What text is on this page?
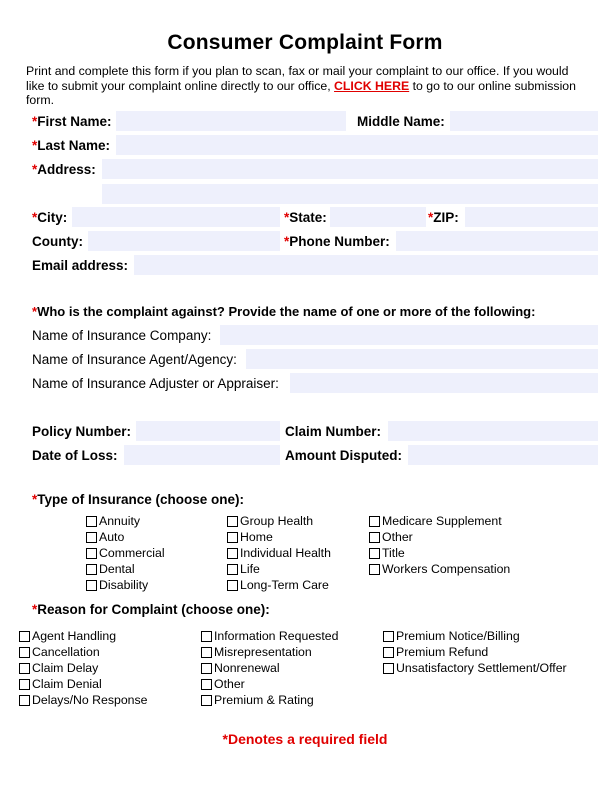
Consumer Complaint Form
Print and complete this form if you plan to scan, fax or mail your complaint to our office. If you would like to submit your complaint online directly to our office, CLICK HERE to go to our online submission form.
*First Name:	Middle Name:
*Last Name:
*Address:
*City:	*State:	*ZIP:
County:	*Phone Number:
Email address:
*Who is the complaint against? Provide the name of one or more of the following:
Name of Insurance Company:
Name of Insurance Agent/Agency:
Name of Insurance Adjuster or Appraiser:
Policy Number:	Claim Number:
Date of Loss:	Amount Disputed:
*Type of Insurance (choose one):
Annuity
Auto
Commercial
Dental
Disability
Group Health
Home
Individual Health
Life
Long-Term Care
Medicare Supplement
Other
Title
Workers Compensation
*Reason for Complaint (choose one):
Agent Handling
Cancellation
Claim Delay
Claim Denial
Delays/No Response
Information Requested
Misrepresentation
Nonrenewal
Other
Premium & Rating
Premium Notice/Billing
Premium Refund
Unsatisfactory Settlement/Offer
*Denotes a required field
